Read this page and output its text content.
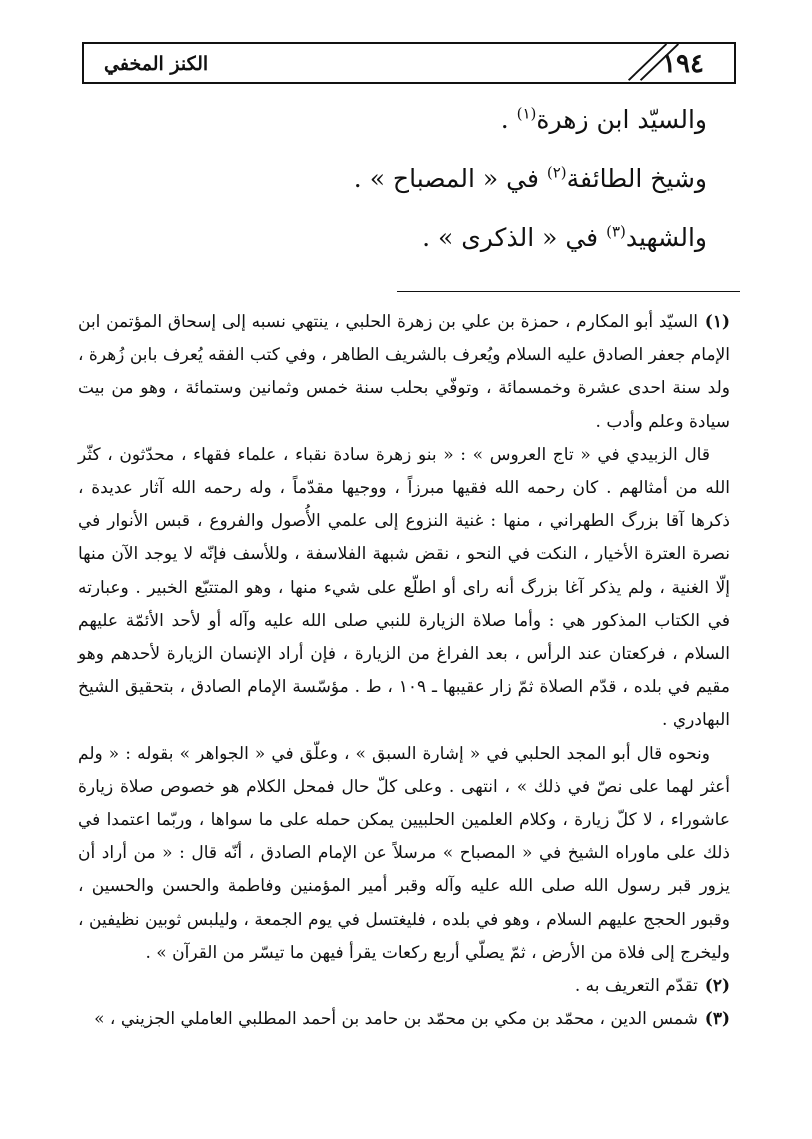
١٩٤
الكنز المخفي

والسيّد ابن زهرة$^{(١)}$ .

وشيخ الطائفة$^{(٢)}$ في « المصباح » .

والشهيد$^{(٣)}$ في « الذكرى » .

(١)السيّد أبو المكارم ، حمزة بن علي بن زهرة الحلبي ، ينتهي نسبه إلى إسحاق المؤتمن ابن الإمام جعفر الصادق عليه السلام ويُعرف بالشريف الطاهر ، وفي كتب الفقه يُعرف بابن زُهرة ، ولد سنة احدى عشرة وخمسمائة ، وتوفّي بحلب سنة خمس وثمانين وستمائة ، وهو من بيت سيادة وعلم وأدب .

قال الزبيدي في « تاج العروس » : « بنو زهرة سادة نقباء ، علماء فقهاء ، محدّثون ، كثّر الله من أمثالهم . كان رحمه الله فقيها مبرزاً ، ووجيها مقدّماً ، وله رحمه الله آثار عديدة ، ذكرها آقا بزرگ الطهراني ، منها : غنية النزوع إلى علمي الأُصول والفروع ، قبس الأنوار في نصرة العترة الأخيار ، النكت في النحو ، نقض شبهة الفلاسفة ، وللأسف فإنّه لا يوجد الآن منها إلّا الغنية ، ولم يذكر آغا بزرگ أنه راى أو اطلّع على شيء منها ، وهو المتتبّع الخبير . وعبارته في الكتاب المذكور هي : وأما صلاة الزيارة للنبي صلى الله عليه وآله أو لأحد الأئمّة عليهم السلام ، فركعتان عند الرأس ، بعد الفراغ من الزيارة ، فإن أراد الإنسان الزيارة لأحدهم وهو مقيم في بلده ، قدّم الصلاة ثمّ زار عقيبها ـ ١٠٩ ، ط . مؤسّسة الإمام الصادق ، بتحقيق الشيخ البهادري .

ونحوه قال أبو المجد الحلبي في « إشارة السبق » ، وعلّق في « الجواهر » بقوله : « ولم أعثر لهما على نصّ في ذلك » ، انتهى . وعلى كلّ حال فمحل الكلام هو خصوص صلاة زيارة عاشوراء ، لا كلّ زيارة ، وكلام العلمين الحلبيين يمكن حمله على ما سواها ، وربّما اعتمدا في ذلك على ماوراه الشيخ في « المصباح » مرسلاً عن الإمام الصادق ، أنّه قال : « من أراد أن يزور قبر رسول الله صلى الله عليه وآله وقبر أمير المؤمنين وفاطمة والحسن والحسين ، وقبور الحجج عليهم السلام ، وهو في بلده ، فليغتسل في يوم الجمعة ، وليلبس ثوبين نظيفين ، وليخرج إلى فلاة من الأرض ، ثمّ يصلّي أربع ركعات يقرأ فيهن ما تيسّر من القرآن » .

(٢)تقدّم التعريف به .
(٣)شمس الدين ، محمّد بن مكي بن محمّد بن حامد بن أحمد المطلبي العاملي الجزيني ، »
